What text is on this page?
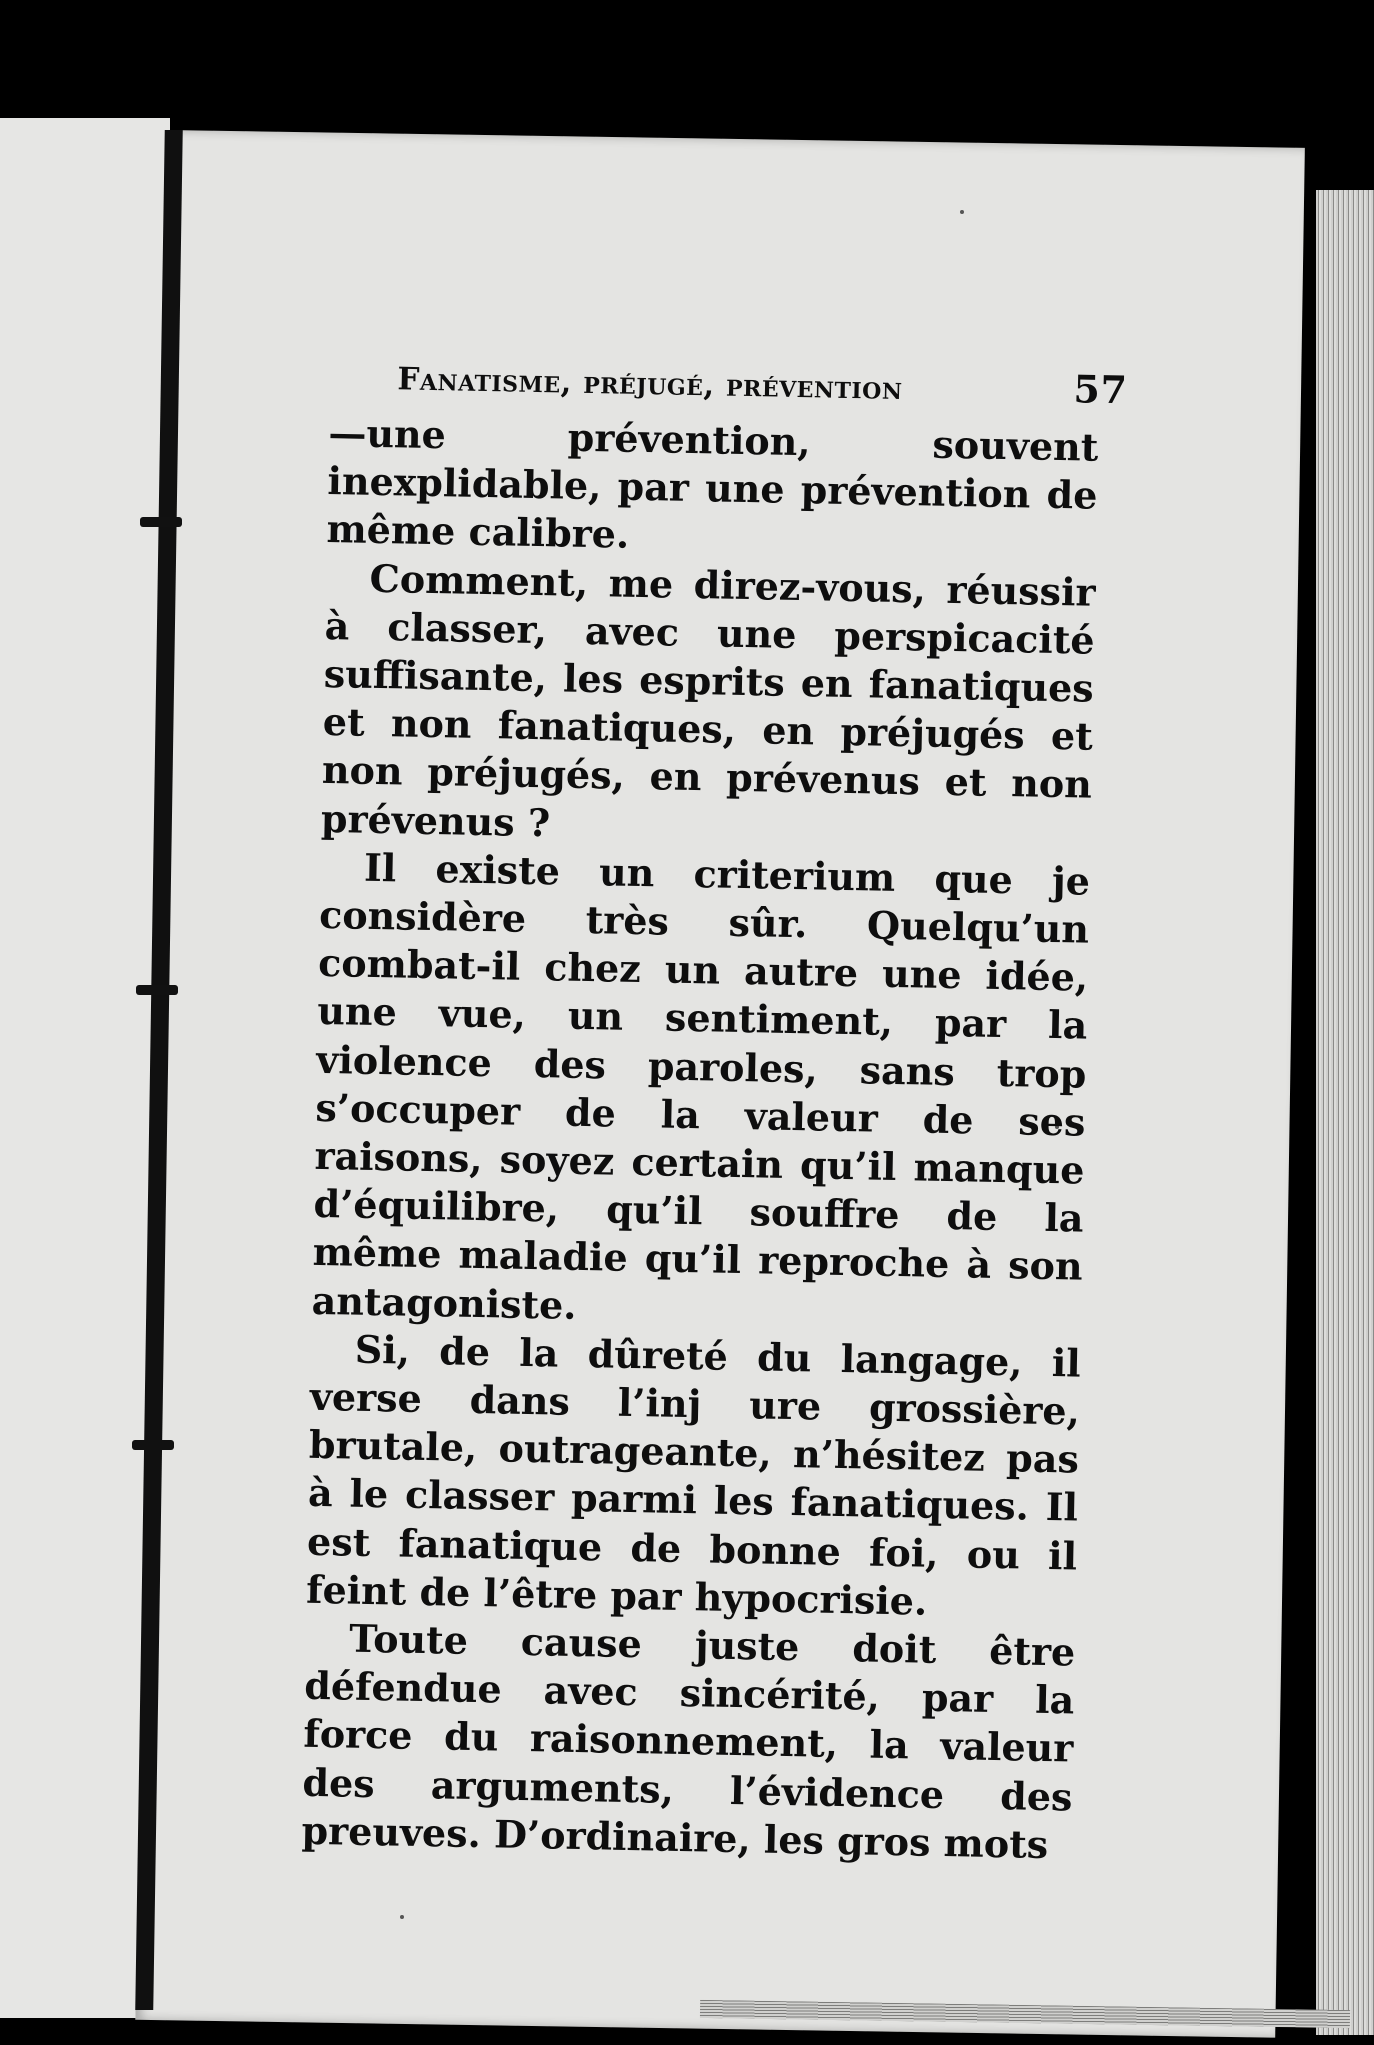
Fanatisme, préjugé, prévention	57

—une prévention, souvent inexplidable, par une prévention de même calibre.

Comment, me direz-vous, réussir à classer, avec une perspicacité suffisante, les esprits en fanatiques et non fanatiques, en préjugés et non préjugés, en prévenus et non prévenus ?

Il existe un criterium que je considère très sûr. Quelqu’un combat-il chez un autre une idée, une vue, un sentiment, par la violence des paroles, sans trop s’occuper de la valeur de ses raisons, soyez certain qu’il manque d’équilibre, qu’il souffre de la même maladie qu’il reproche à son antagoniste.

Si, de la dûreté du langage, il verse dans l’inj ure grossière, brutale, outrageante, n’hésitez pas à le classer parmi les fanatiques. Il est fanatique de bonne foi, ou il feint de l’être par hypocrisie.

Toute cause juste doit être défendue avec sincérité, par la force du raisonnement, la valeur des arguments, l’évidence des preuves. D’ordinaire, les gros mots
